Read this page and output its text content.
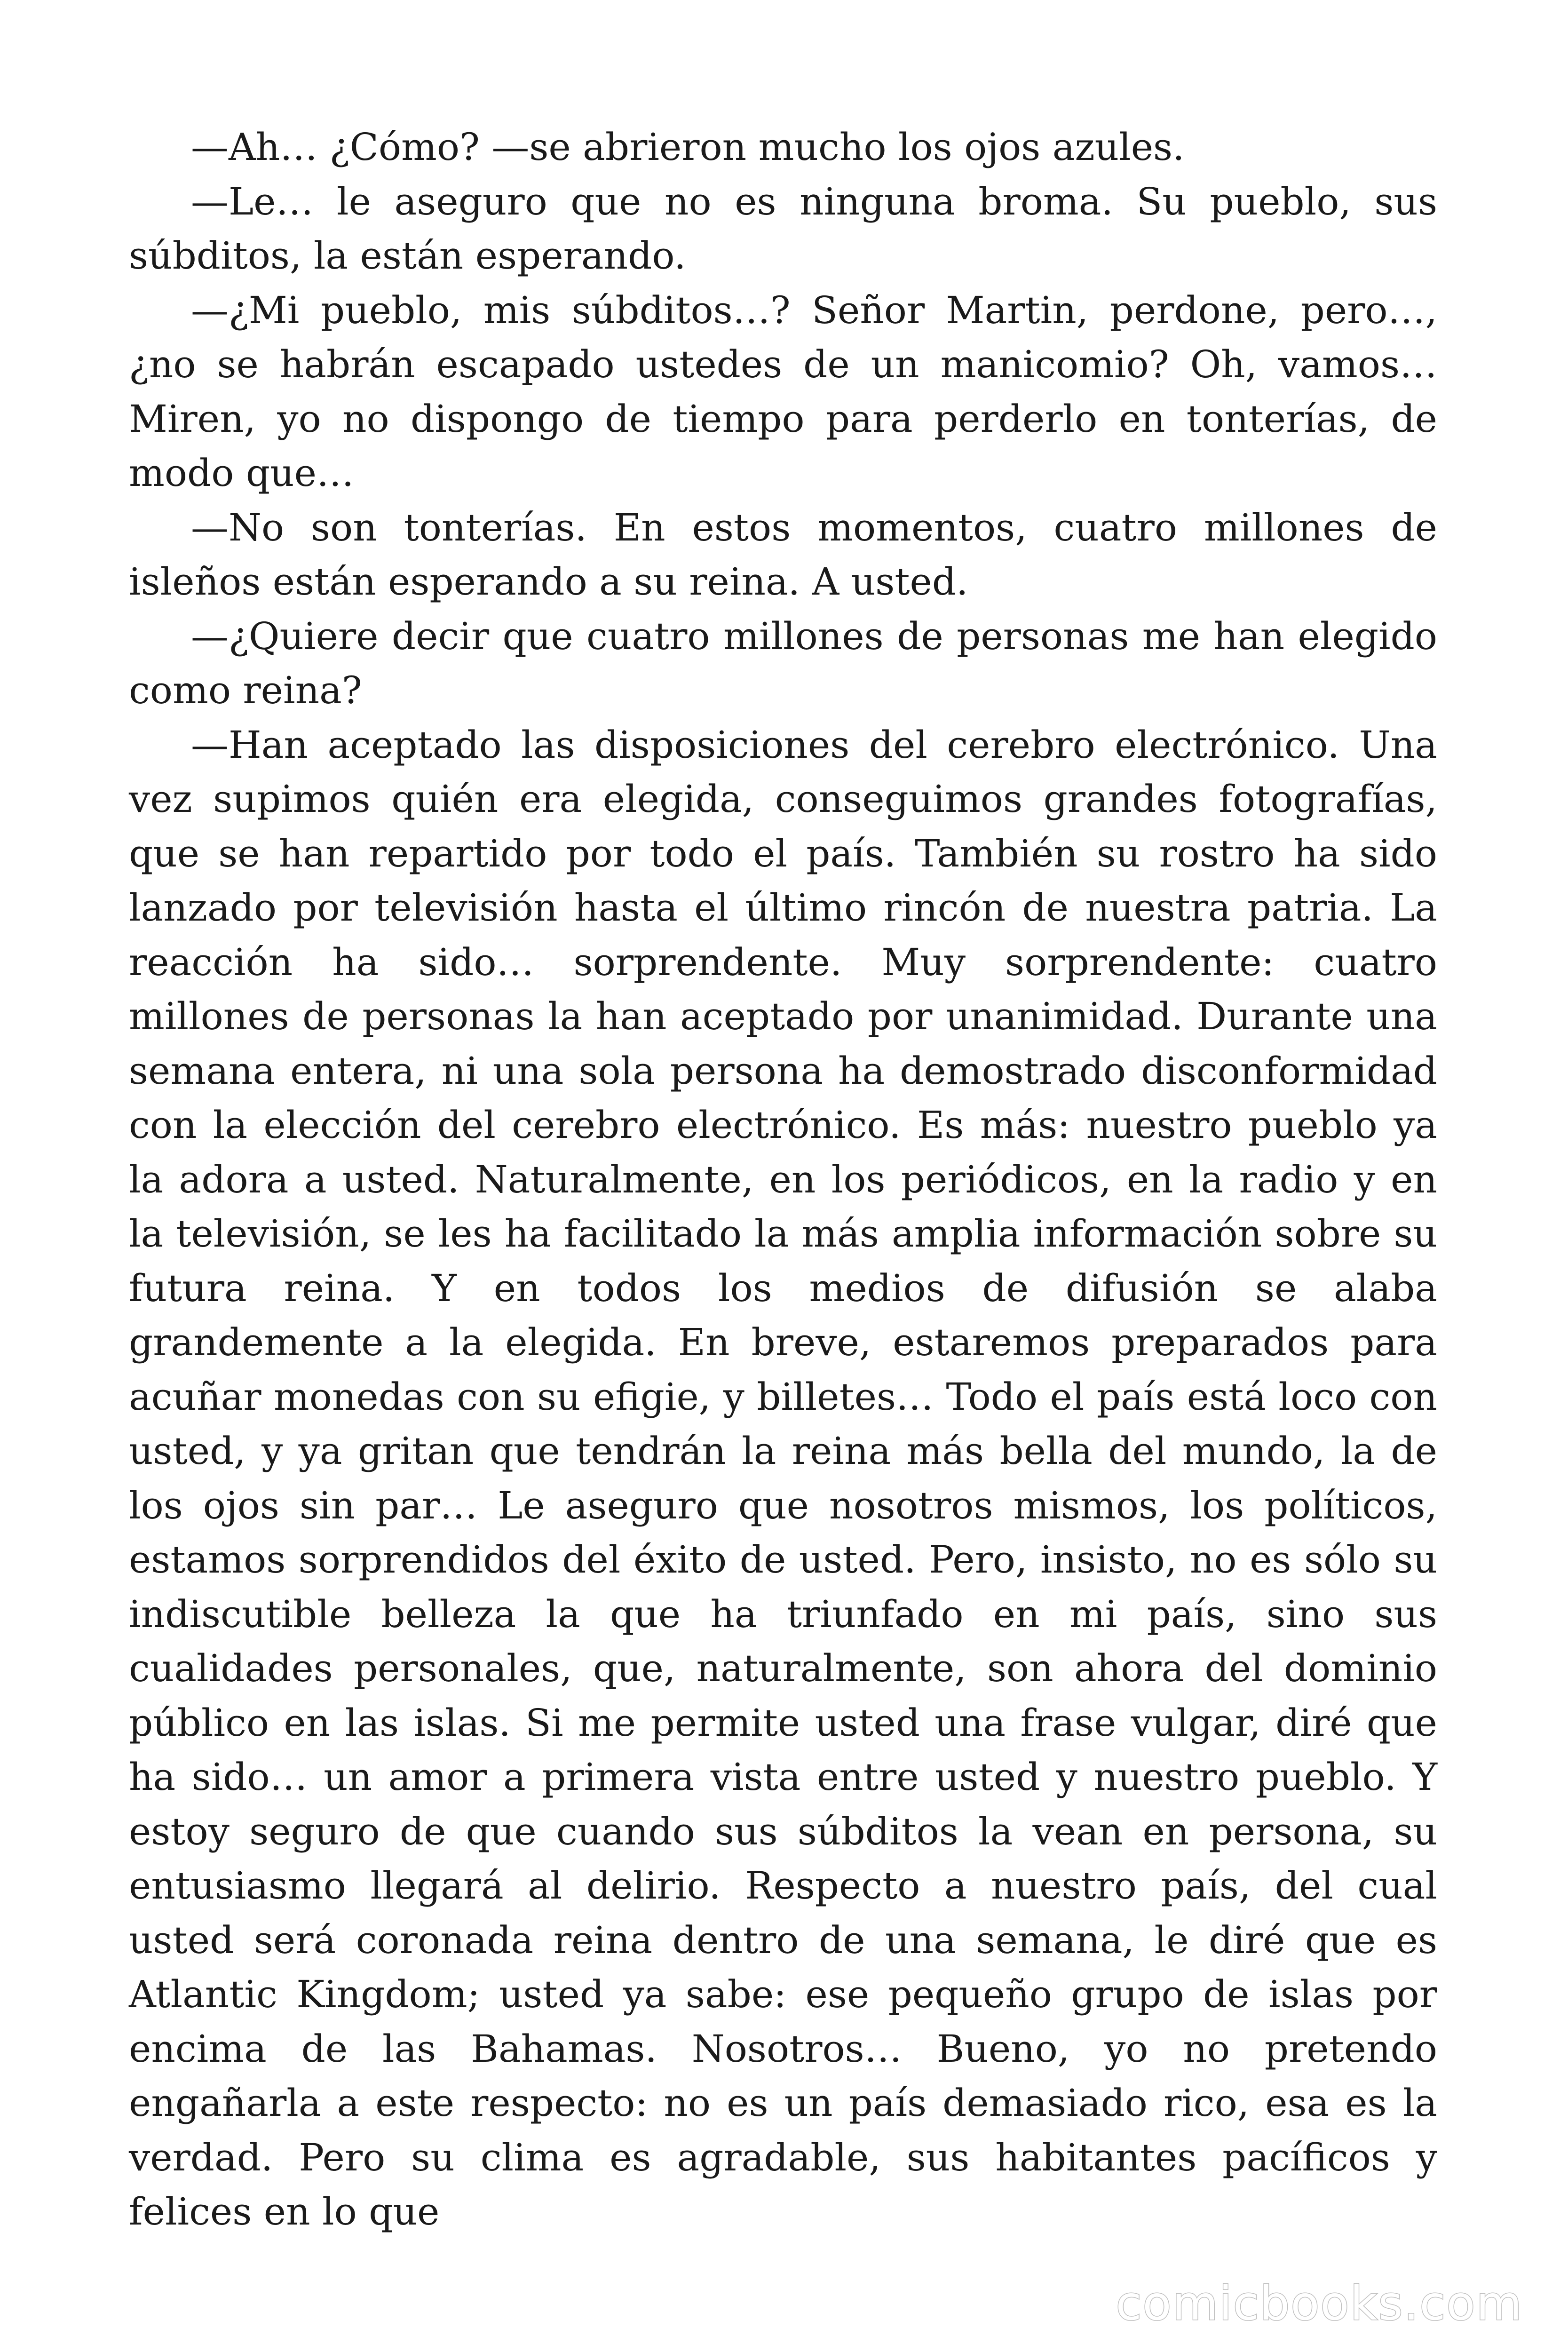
—Ah… ¿Cómo? —se abrieron mucho los ojos azules.

—Le… le aseguro que no es ninguna broma. Su pueblo, sus súbditos, la están esperando.

—¿Mi pueblo, mis súbditos…? Señor Martin, perdone, pero…, ¿no se habrán escapado ustedes de un manicomio? Oh, vamos… Miren, yo no dispongo de tiempo para perderlo en tonterías, de modo que…

—No son tonterías. En estos momentos, cuatro millones de isleños están esperando a su reina. A usted.

—¿Quiere decir que cuatro millones de personas me han elegido como reina?

—Han aceptado las disposiciones del cerebro electrónico. Una vez supimos quién era elegida, conseguimos grandes fotografías, que se han repartido por todo el país. También su rostro ha sido lanzado por televisión hasta el último rincón de nuestra patria. La reacción ha sido… sorprendente. Muy sorprendente: cuatro millones de personas la han aceptado por unanimidad. Durante una semana entera, ni una sola persona ha demostrado disconformidad con la elección del cerebro electrónico. Es más: nuestro pueblo ya la adora a usted. Naturalmente, en los periódicos, en la radio y en la televisión, se les ha facilitado la más amplia información sobre su futura reina. Y en todos los medios de difusión se alaba grandemente a la elegida. En breve, estaremos preparados para acuñar monedas con su efigie, y billetes… Todo el país está loco con usted, y ya gritan que tendrán la reina más bella del mundo, la de los ojos sin par… Le aseguro que nosotros mismos, los políticos, estamos sorprendidos del éxito de usted. Pero, insisto, no es sólo su indiscutible belleza la que ha triunfado en mi país, sino sus cualidades personales, que, naturalmente, son ahora del dominio público en las islas. Si me permite usted una frase vulgar, diré que ha sido… un amor a primera vista entre usted y nuestro pueblo. Y estoy seguro de que cuando sus súbditos la vean en persona, su entusiasmo llegará al delirio. Respecto a nuestro país, del cual usted será coronada reina dentro de una semana, le diré que es Atlantic Kingdom; usted ya sabe: ese pequeño grupo de islas por encima de las Bahamas. Nosotros… Bueno, yo no pretendo engañarla a este respecto: no es un país demasiado rico, esa es la verdad. Pero su clima es agradable, sus habitantes pacíficos y felices en lo que

comicbooks.com
